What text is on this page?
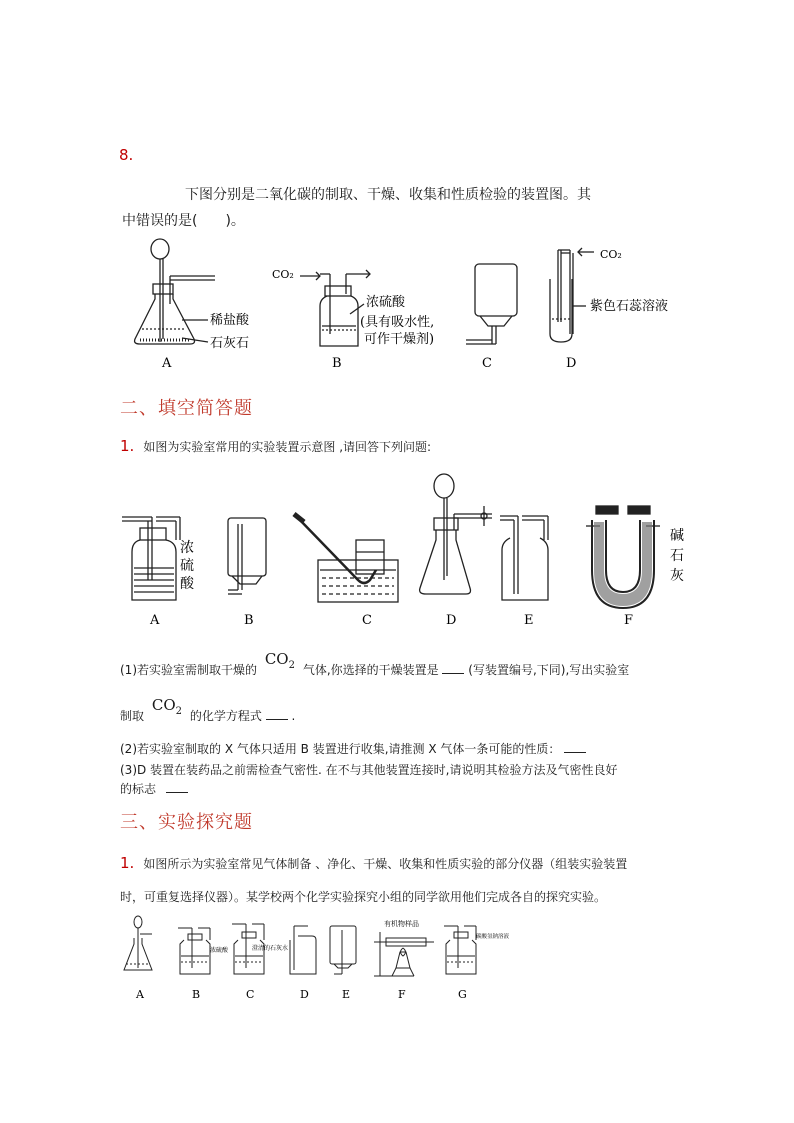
8.
下图分别是二氧化碳的制取、干燥、收集和性质检验的装置图。其
中错误的是(　　)。
稀盐酸
石灰石
A
CO₂
浓硫酸
(具有吸水性,
可作干燥剂)
B	C
CO₂
紫色石蕊溶液
D
二、填空简答题
1. 如图为实验室常用的实验装置示意图 ,请回答下列问题:
浓
硫
酸
A	B	C	D	E
碱
石
灰
F
(1)若实验室需制取干燥的 $CO_2$ 气体,你选择的干燥装置是 (写装置编号,下同),写出实验室
制取 $CO_2$ 的化学方程式 .
(2)若实验室制取的 X 气体只适用 B 装置进行收集,请推测 X 气体一条可能的性质：
(3)D 装置在装药品之前需检查气密性. 在不与其他装置连接时,请说明其检验方法及气密性良好
的标志
三、实验探究题
1. 如图所示为实验室常见气体制备 、净化、干燥、收集和性质实验的部分仪器（组装实验装置
时，可重复选择仪器）。某学校两个化学实验探究小组的同学欲用他们完成各自的探究实验。
A
浓硫酸
B
澄清的石灰水
C	D	E
有机物样品
F
碳酸氢钠溶液
G
